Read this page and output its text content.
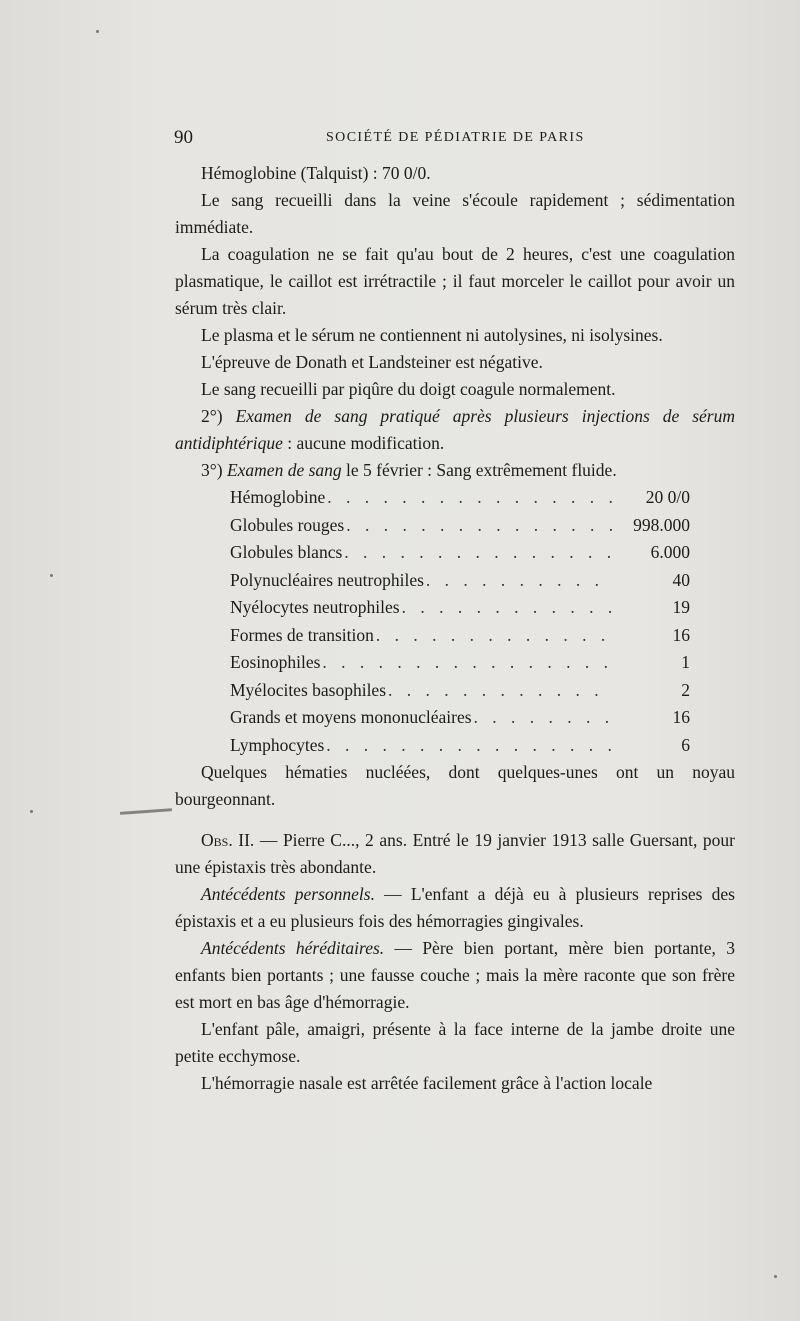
90	SOCIÉTÉ DE PÉDIATRIE DE PARIS

Hémoglobine (Talquist) : 70 0/0.

Le sang recueilli dans la veine s'écoule rapidement ; sédimentation immédiate.

La coagulation ne se fait qu'au bout de 2 heures, c'est une coagulation plasmatique, le caillot est irrétractile ; il faut morceler le caillot pour avoir un sérum très clair.

Le plasma et le sérum ne contiennent ni autolysines, ni isolysines.

L'épreuve de Donath et Landsteiner est négative.

Le sang recueilli par piqûre du doigt coagule normalement.

2°) Examen de sang pratiqué après plusieurs injections de sérum antidiphtérique : aucune modification.

3°) Examen de sang le 5 février : Sang extrêmement fluide.

Hémoglobine . . .	20 0/0
Globules rouges . . .	998.000
Globules blancs . . .	6.000
Polynucléaires neutrophiles . . .	40
Nyélocytes neutrophiles . . .	19
Formes de transition . . .	16
Eosinophiles . . .	1
Myélocites basophiles . . .	2
Grands et moyens mononucléaires . . .	16
Lymphocytes . . .	6

Quelques hématies nucléées, dont quelques-unes ont un noyau bourgeonnant.

Obs. II. — Pierre C..., 2 ans. Entré le 19 janvier 1913 salle Guersant, pour une épistaxis très abondante.

Antécédents personnels. — L'enfant a déjà eu à plusieurs reprises des épistaxis et a eu plusieurs fois des hémorragies gingivales.

Antécédents héréditaires. — Père bien portant, mère bien portante, 3 enfants bien portants ; une fausse couche ; mais la mère raconte que son frère est mort en bas âge d'hémorragie.

L'enfant pâle, amaigri, présente à la face interne de la jambe droite une petite ecchymose.

L'hémorragie nasale est arrêtée facilement grâce à l'action locale
